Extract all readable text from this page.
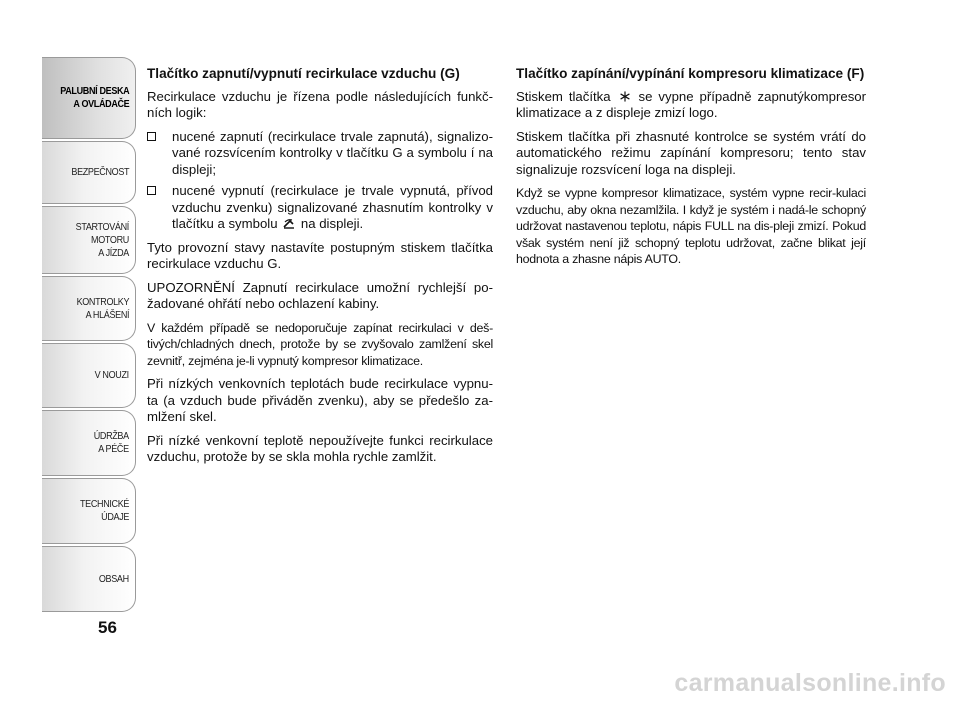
PALUBNÍ DESKA
A OVLÁDAČE
BEZPEČNOST
STARTOVÁNÍ
MOTORU
A JÍZDA
KONTROLKY
A HLÁŠENÍ
V NOUZI
ÚDRŽBA
A PÉČE
TECHNICKÉ
ÚDAJE
OBSAH
56
Tlačítko zapnutí/vypnutí recirkulace vzduchu (G)

Recirkulace vzduchu je řízena podle následujících funkč-ních logik:

nucené zapnutí (recirkulace trvale zapnutá), signalizo-vané rozsvícením kontrolky v tlačítku G a symbolu í na displeji;
nucené vypnutí (recirkulace je trvale vypnutá, přívod vzduchu zvenku) signalizované zhasnutím kontrolky v tlačítku a symbolu na displeji.

Tyto provozní stavy nastavíte postupným stiskem tlačítka recirkulace vzduchu G.

UPOZORNĚNÍ Zapnutí recirkulace umožní rychlejší po-žadované ohřátí nebo ochlazení kabiny.

V každém případě se nedoporučuje zapínat recirkulaci v deš-tivých/chladných dnech, protože by se zvyšovalo zamlžení skel zevnitř, zejména je-li vypnutý kompresor klimatizace.

Při nízkých venkovních teplotách bude recirkulace vypnu-ta (a vzduch bude přiváděn zvenku), aby se předešlo za-mlžení skel.

Při nízké venkovní teplotě nepoužívejte funkci recirkulace vzduchu, protože by se skla mohla rychle zamlžit.

Tlačítko zapínání/vypínání kompresoru klimatizace (F)

Stiskem tlačítka se vypne případně zapnutýkompresor klimatizace a z displeje zmizí logo.

Stiskem tlačítka při zhasnuté kontrolce se systém vrátí do automatického režimu zapínání kompresoru; tento stav signalizuje rozsvícení loga na displeji.

Když se vypne kompresor klimatizace, systém vypne recir-kulaci vzduchu, aby okna nezamlžila. I když je systém i nadá-le schopný udržovat nastavenou teplotu, nápis FULL na dis-pleji zmizí. Pokud však systém není již schopný teplotu udržovat, začne blikat její hodnota a zhasne nápis AUTO.

carmanualsonline.info
